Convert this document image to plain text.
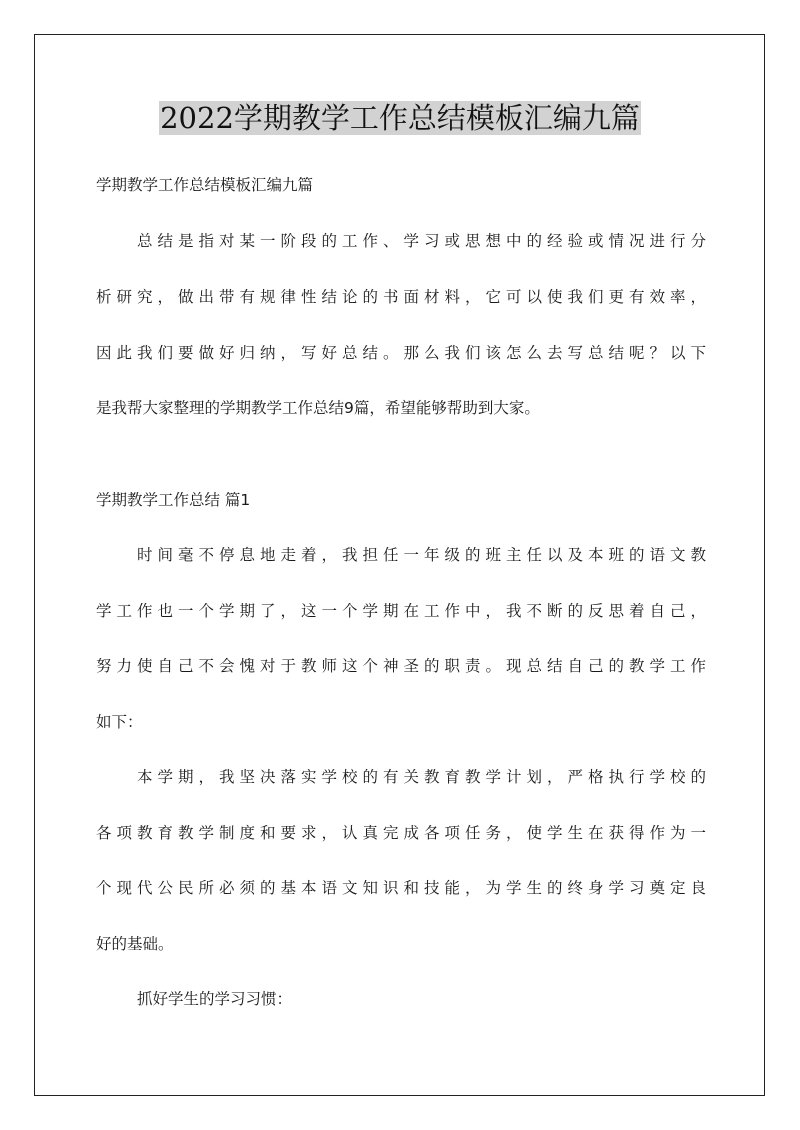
2022学期教学工作总结模板汇编九篇
学期教学工作总结模板汇编九篇
总结是指对某一阶段的工作、学习或思想中的经验或情况进行分
析研究，做出带有规律性结论的书面材料，它可以使我们更有效率，
因此我们要做好归纳，写好总结。那么我们该怎么去写总结呢？以下
是我帮大家整理的学期教学工作总结9篇，希望能够帮助到大家。
学期教学工作总结 篇1
时间毫不停息地走着，我担任一年级的班主任以及本班的语文教
学工作也一个学期了，这一个学期在工作中，我不断的反思着自己，
努力使自己不会愧对于教师这个神圣的职责。现总结自己的教学工作
如下：
本学期，我坚决落实学校的有关教育教学计划，严格执行学校的
各项教育教学制度和要求，认真完成各项任务，使学生在获得作为一
个现代公民所必须的基本语文知识和技能，为学生的终身学习奠定良
好的基础。
抓好学生的学习习惯：
